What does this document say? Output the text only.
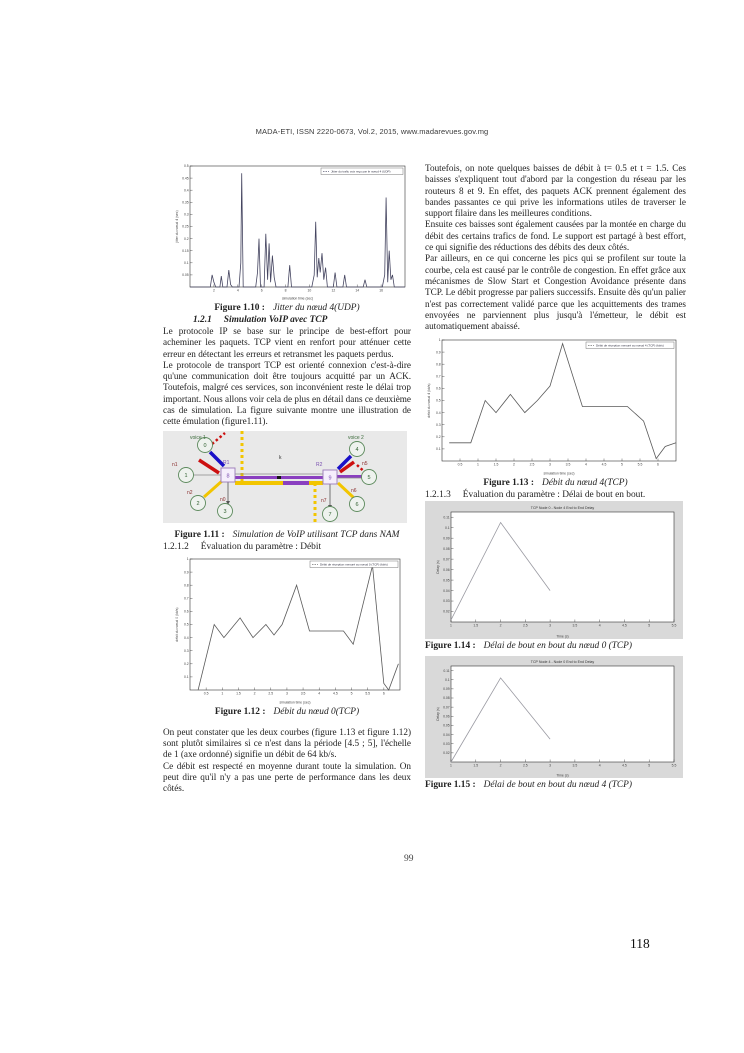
MADA-ETI, ISSN 2220-0673, Vol.2, 2015, www.madarevues.gov.mg
2	4	6	8	10	12	14	16
0.05
0.1
0.15
0.2
0.25
0.3
0.35
0.4
0.45
0.5
Jitter du trafic voix reçu par le nœud 4 (UDP)
simulation time (sec)
jitter du nœud 4 (sec)
Figure 1.10 : Jitter du nœud 4(UDP)
1.2.1 Simulation VoIP avec TCP

Le protocole IP se base sur le principe de best-effort pour acheminer les paquets. TCP vient en renfort pour atténuer cette erreur en détectant les erreurs et retransmet les paquets perdus.

Le protocole de transport TCP est orienté connexion c'est-à-dire qu'une communication doit être toujours acquitté par un ACK. Toutefois, malgré ces services, son inconvénient reste le délai trop important. Nous allons voir cela de plus en détail dans ce deuxième cas de simulation. La figure suivante montre une illustration de cette émulation (figure1.11).

0
1
2
3
4
5
6
7
8	9
voice 1	voice 2
n1
n2
n0
n5
n6
n7
R1	R2
k
Figure 1.11 : Simulation de VoIP utilisant TCP dans NAM
1.2.1.2 Évaluation du paramètre : Débit
0.5	1	1.5	2	2.5	3	3.5	4	4.5	5	5.5	6
0.1
0.2
0.3
0.4
0.5
0.6
0.7
0.8
0.9
1
Débit de réception mesuré au nœud 0 (TCP) (kb/s)
simulation time (sec)
débit du nœud 0 (kb/s)
Figure 1.12 : Débit du nœud 0(TCP)

On peut constater que les deux courbes (figure 1.13 et figure 1.12) sont plutôt similaires si ce n'est dans la période [4.5 ; 5], l'échelle de 1 (axe ordonné) signifie un débit de 64 kb/s.

Ce débit est respecté en moyenne durant toute la simulation. On peut dire qu'il n'y a pas une perte de performance dans les deux côtés.

Toutefois, on note quelques baisses de débit à t= 0.5 et t = 1.5. Ces baisses s'expliquent tout d'abord par la congestion du réseau par les routeurs 8 et 9. En effet, des paquets ACK prennent également des bandes passantes ce qui prive les informations utiles de traverser le support filaire dans les meilleures conditions.

Ensuite ces baisses sont également causées par la montée en charge du débit des certains trafics de fond. Le support est partagé à best effort, ce qui signifie des réductions des débits des deux côtés.

Par ailleurs, en ce qui concerne les pics qui se profilent sur toute la courbe, cela est causé par le contrôle de congestion. En effet grâce aux mécanismes de Slow Start et Congestion Avoidance présente dans TCP. Le débit progresse par paliers successifs. Ensuite dès qu'un palier n'est pas correctement validé parce que les acquittements des trames envoyées ne parviennent plus jusqu'à l'émetteur, le débit est automatiquement abaissé.

0.5	1	1.5	2	2.5	3	3.5	4	4.5	5	5.5	6
0.1
0.2
0.3
0.4
0.5
0.6
0.7
0.8
0.9
1
Débit de réception mesuré au nœud 4 (TCP) (kb/s)
simulation time (sec)
débit du nœud 4 (kb/s)
Figure 1.13 : Débit du nœud 4(TCP)
1.2.1.3 Évaluation du paramètre : Délai de bout en bout.
1	1.5	2	2.5	3	3.5	4	4.5	5	5.5
0.02
0.03
0.04
0.05
0.06
0.07
0.08
0.09
0.1
0.11
TCP Node 0 - Node 4 End to End Delay
Time (s)
Delay (s)
Figure 1.14 : Délai de bout en bout du nœud 0 (TCP)
1	1.5	2	2.5	3	3.5	4	4.5	5	5.5
0.02
0.03
0.04
0.05
0.06
0.07
0.08
0.09
0.1
0.11
TCP Node 4 - Node 0 End to End Delay
Time (s)
Delay (s)
Figure 1.15 : Délai de bout en bout du nœud 4 (TCP)
99
118
